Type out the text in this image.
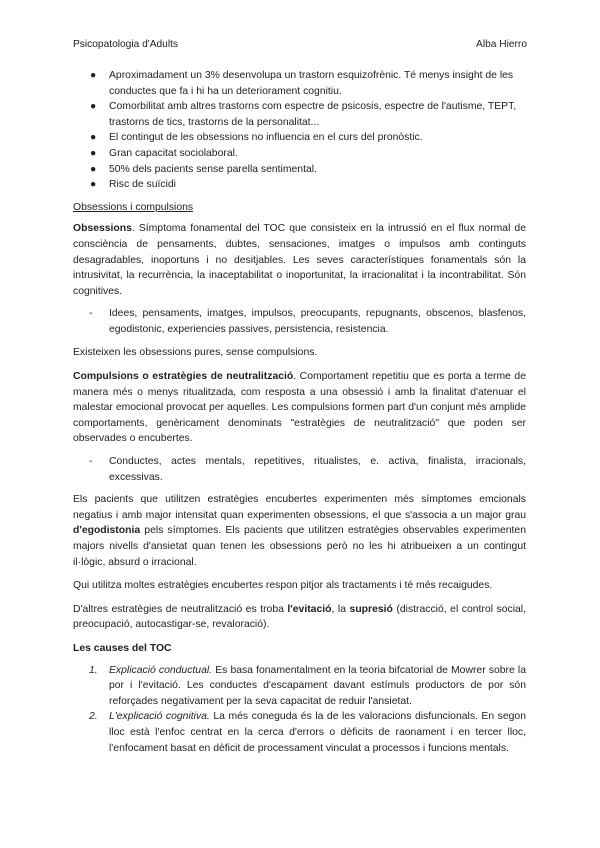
Psicopatologia d'Adults	Alba Hierro
● Aproximadament un 3% desenvolupa un trastorn esquizofrènic. Té menys insight de les conductes que fa i hi ha un deteriorament cognitiu.
● Comorbilitat amb altres trastorns com espectre de psicosis, espectre de l'autisme, TEPT, trastorns de tics, trastorns de la personalitat...
● El contingut de les obsessions no influencia en el curs del pronòstic.
● Gran capacitat sociolaboral.
● 50% dels pacients sense parella sentimental.
● Risc de suïcidi

Obsessions i compulsions

Obsessions. Símptoma fonamental del TOC que consisteix en la intrussió en el flux normal de consciència de pensaments, dubtes, sensaciones, imatges o impulsos amb continguts desagradables, inoportuns i no desitjables. Les seves característiques fonamentals són la intrusivitat, la recurrència, la inaceptabilitat o inoportunitat, la irracionalitat i la incontrabilitat. Són cognitives.

- Idees, pensaments, imatges, impulsos, preocupants, repugnants, obscenos, blasfenos, egodistonic, experiencies passives, persistencia, resistencia.

Existeixen les obsessions pures, sense compulsions.

Compulsions o estratègies de neutralització. Comportament repetitiu que es porta a terme de manera més o menys ritualitzada, com resposta a una obsessió i amb la finalitat d'atenuar el malestar emocional provocat per aquelles. Les compulsions formen part d'un conjunt més amplide comportaments, genèricament denominats "estratègies de neutralització" que poden ser observades o encubertes.

- Conductes, actes mentals, repetitives, ritualistes, e. activa, finalista, irracionals, excessivas.

Els pacients que utilitzen estratègies encubertes experimenten més símptomes emcionals negatius i amb major intensitat quan experimenten obsessions, el que s'associa a un major grau d'egodistonia pels símptomes. Els pacients que utilitzen estratègies observables experimenten majors nivells d'ansietat quan tenen les obsessions però no les hi atribueixen a un contingut il·lògic, absurd o irracional.

Qui utilitza moltes estratègies encubertes respon pitjor als tractaments i té més recaigudes.

D'altres estratègies de neutralització es troba l'evitació, la supresió (distracció, el control social, preocupació, autocastigar-se, revaloració).

Les causes del TOC

1. Explicació conductual. Es basa fonamentalment en la teoria bifcatorial de Mowrer sobre la por i l'evitació. Les conductes d'escapament davant estímuls productors de por són reforçades negativament per la seva capacitat de reduir l'ansietat.
2. L'explicació cognitiva. La més coneguda és la de les valoracions disfuncionals. En segon lloc està l'enfoc centrat en la cerca d'errors o dèficits de raonament i en tercer lloc, l'enfocament basat en dèficit de processament vinculat a processos i funcions mentals.
